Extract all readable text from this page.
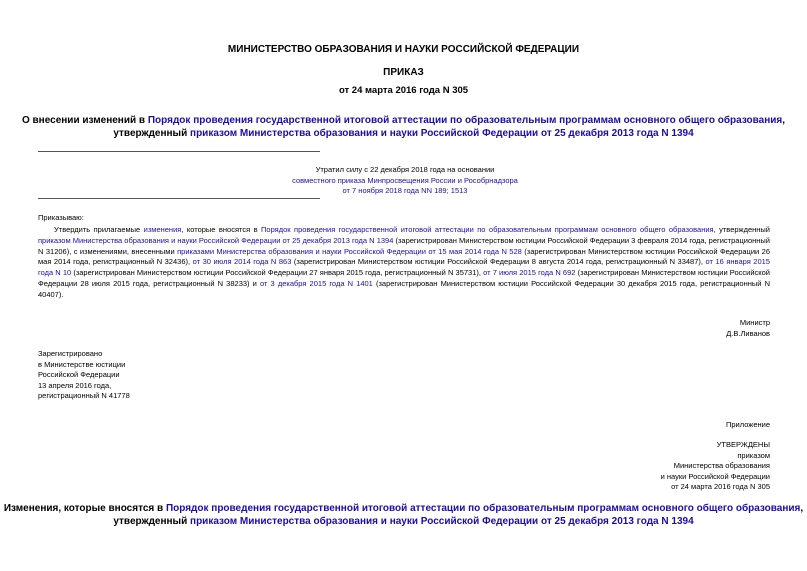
МИНИСТЕРСТВО ОБРАЗОВАНИЯ И НАУКИ РОССИЙСКОЙ ФЕДЕРАЦИИ
ПРИКАЗ
от 24 марта 2016 года N 305
О внесении изменений в Порядок проведения государственной итоговой аттестации по образовательным программам основного общего образования,
утвержденный приказом Министерства образования и науки Российской Федерации от 25 декабря 2013 года N 1394
Утратил силу с 22 декабря 2018 года на основании
совместного приказа Минпросвещения России и Рособрнадзора
от 7 ноября 2018 года NN 189; 1513
Приказываю:
Утвердить прилагаемые изменения, которые вносятся в Порядок проведения государственной итоговой аттестации по образовательным программам основного общего образования, утвержденный приказом Министерства образования и науки Российской Федерации от 25 декабря 2013 года N 1394 (зарегистрирован Министерством юстиции Российской Федерации 3 февраля 2014 года, регистрационный N 31206), с изменениями, внесенными приказами Министерства образования и науки Российской Федерации от 15 мая 2014 года N 528 (зарегистрирован Министерством юстиции Российской Федерации 26 мая 2014 года, регистрационный N 32436), от 30 июля 2014 года N 863 (зарегистрирован Министерством юстиции Российской Федерации 8 августа 2014 года, регистрационный N 33487), от 16 января 2015 года N 10 (зарегистрирован Министерством юстиции Российской Федерации 27 января 2015 года, регистрационный N 35731), от 7 июля 2015 года N 692 (зарегистрирован Министерством юстиции Российской Федерации 28 июля 2015 года, регистрационный N 38233) и от 3 декабря 2015 года N 1401 (зарегистрирован Министерством юстиции Российской Федерации 30 декабря 2015 года, регистрационный N 40407).
Министр
Д.В.Ливанов
Зарегистрировано
в Министерстве юстиции
Российской Федерации
13 апреля 2016 года,
регистрационный N 41778
Приложение
УТВЕРЖДЕНЫ
приказом
Министерства образования
и науки Российской Федерации
от 24 марта 2016 года N 305
Изменения, которые вносятся в Порядок проведения государственной итоговой аттестации по образовательным программам основного общего образования,
утвержденный приказом Министерства образования и науки Российской Федерации от 25 декабря 2013 года N 1394
